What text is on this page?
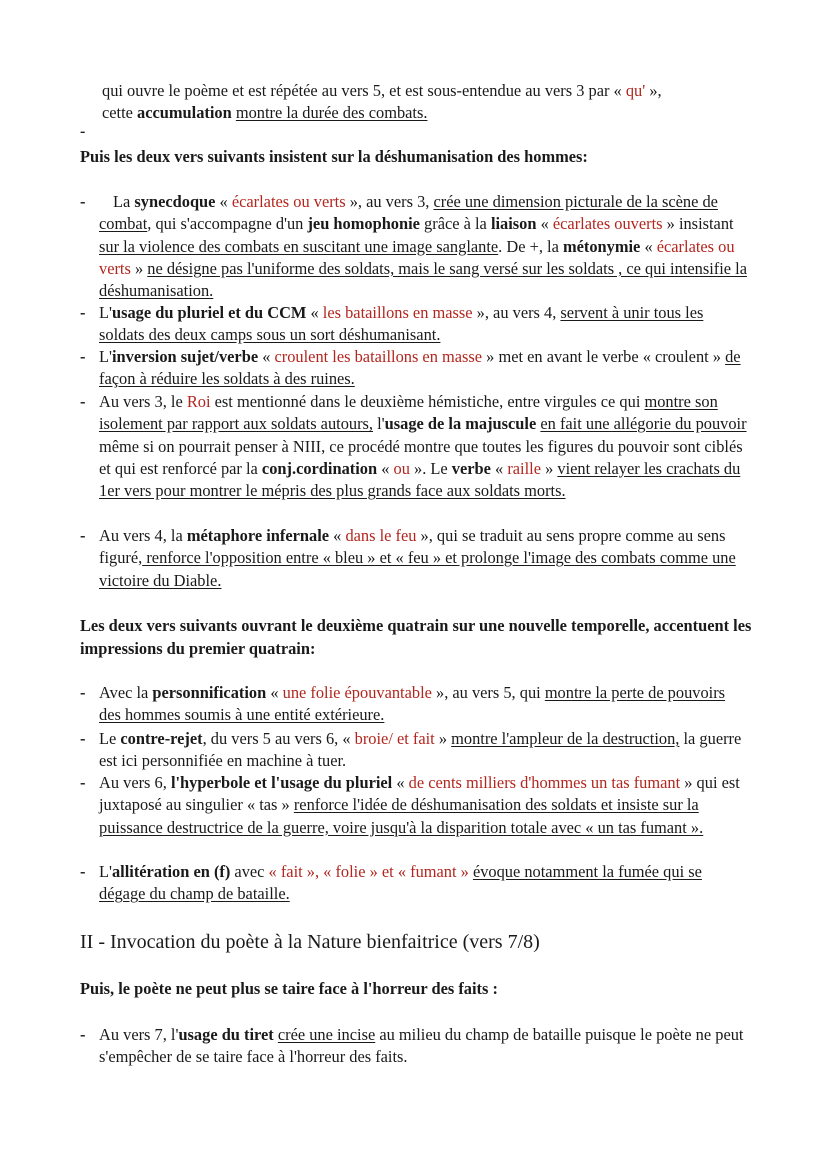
qui ouvre le poème et est répétée au vers 5, et est sous-entendue au vers 3 par « qu' »,
cette accumulation montre la durée des combats.
-
Puis les deux vers suivants insistent sur la déshumanisation des hommes:
-	La synecdoque « écarlates ou verts », au vers 3, crée une dimension picturale de la scène de combat, qui s'accompagne d'un jeu homophonie grâce à la liaison « écarlates ouverts » insistant sur la violence des combats en suscitant une image sanglante. De +, la métonymie « écarlates ou verts » ne désigne pas l'uniforme des soldats, mais le sang versé sur les soldats , ce qui intensifie la déshumanisation.
- L'usage du pluriel et du CCM « les bataillons en masse », au vers 4, servent à unir tous les soldats des deux camps sous un sort déshumanisant.
- L'inversion sujet/verbe « croulent les bataillons en masse » met en avant le verbe « croulent » de façon à réduire les soldats à des ruines.
- Au vers 3, le Roi est mentionné dans le deuxième hémistiche, entre virgules ce qui montre son isolement par rapport aux soldats autours, l'usage de la majuscule en fait une allégorie du pouvoir même si on pourrait penser à NIII, ce procédé montre que toutes les figures du pouvoir sont ciblés et qui est renforcé par la conj.cordination « ou ». Le verbe « raille » vient relayer les crachats du 1er vers pour montrer le mépris des plus grands face aux soldats morts.
- Au vers 4, la métaphore infernale « dans le feu », qui se traduit au sens propre comme au sens figuré, renforce l'opposition entre « bleu » et « feu » et prolonge l'image des combats comme une victoire du Diable.
Les deux vers suivants ouvrant le deuxième quatrain sur une nouvelle temporelle, accentuent les impressions du premier quatrain:
- Avec la personnification « une folie épouvantable », au vers 5, qui montre la perte de pouvoirs des hommes soumis à une entité extérieure.
- Le contre-rejet, du vers 5 au vers 6, « broie/ et fait » montre l'ampleur de la destruction, la guerre est ici personnifiée en machine à tuer.
- Au vers 6, l'hyperbole et l'usage du pluriel « de cents milliers d'hommes un tas fumant » qui est juxtaposé au singulier « tas » renforce l'idée de déshumanisation des soldats et insiste sur la puissance destructrice de la guerre, voire jusqu'à la disparition totale avec « un tas fumant ».
- L'allitération en (f) avec « fait », « folie » et « fumant » évoque notamment la fumée qui se dégage du champ de bataille.
II - Invocation du poète à la Nature bienfaitrice (vers 7/8)
Puis, le poète ne peut plus se taire face à l'horreur des faits :
- Au vers 7, l'usage du tiret crée une incise au milieu du champ de bataille puisque le poète ne peut s'empêcher de se taire face à l'horreur des faits.
